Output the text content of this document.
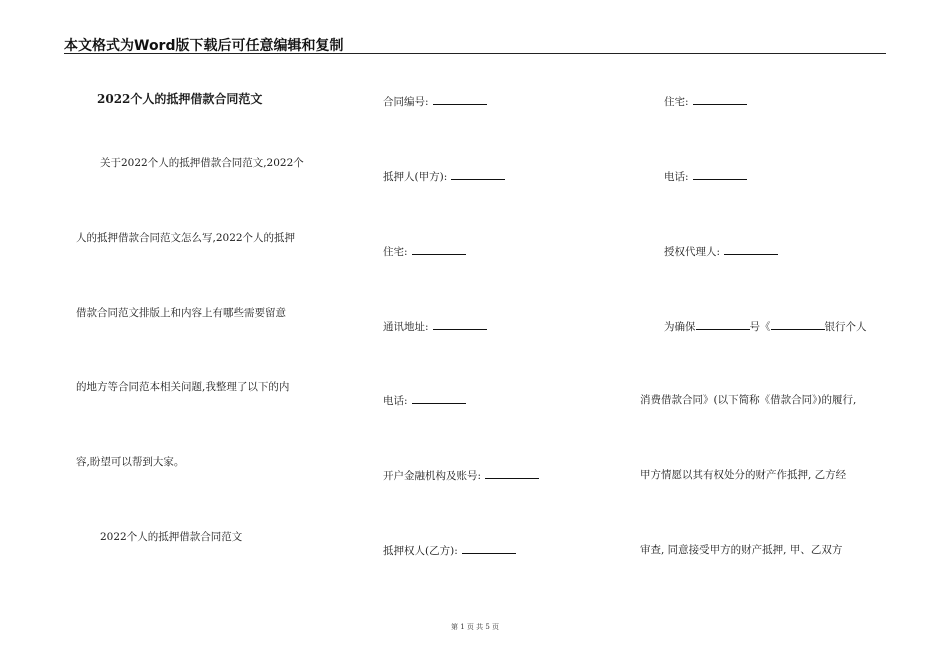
本文格式为Word版下载后可任意编辑和复制
2022个人的抵押借款合同范文
关于2022个人的抵押借款合同范文,2022个
人的抵押借款合同范文怎么写,2022个人的抵押
借款合同范文排版上和内容上有哪些需要留意
的地方等合同范本相关问题,我整理了以下的内
容,盼望可以帮到大家。
2022个人的抵押借款合同范文
合同编号:
抵押人(甲方):
住宅:
通讯地址:
电话:
开户金融机构及账号:
抵押权人(乙方):
住宅:
电话:
授权代理人:
为确保	号《	银行个人
消费借款合同》(以下简称《借款合同》)的履行,
甲方情愿以其有权处分的财产作抵押, 乙方经
审查, 同意接受甲方的财产抵押, 甲、乙双方
第 1 页 共 5 页
